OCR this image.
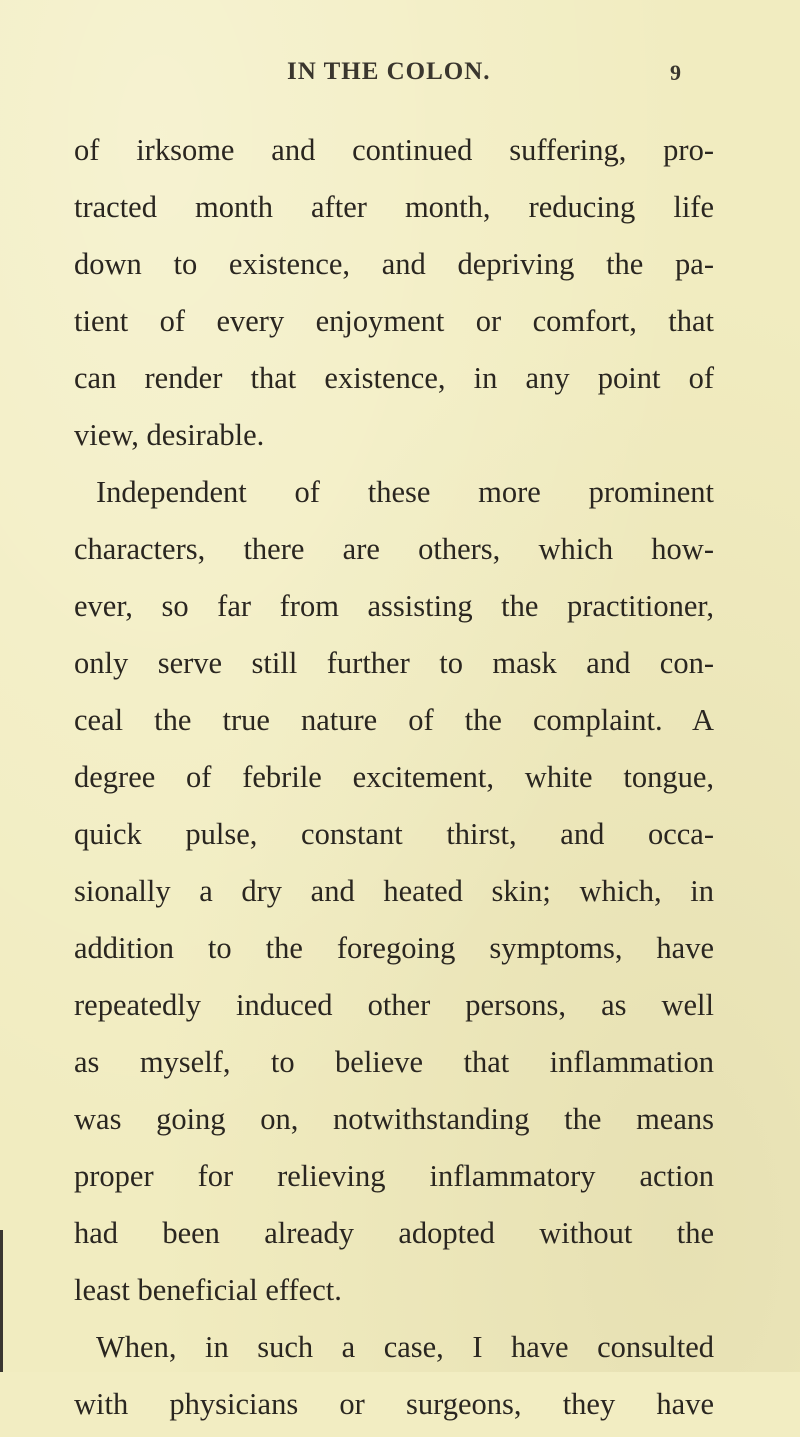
IN THE COLON.	9
of irksome and continued suffering, pro-
tracted month after month, reducing life
down to existence, and depriving the pa-
tient of every enjoyment or comfort, that
can render that existence, in any point of
view, desirable.
Independent of these more prominent
characters, there are others, which how-
ever, so far from assisting the practitioner,
only serve still further to mask and con-
ceal the true nature of the complaint. A
degree of febrile excitement, white tongue,
quick pulse, constant thirst, and occa-
sionally a dry and heated skin; which, in
addition to the foregoing symptoms, have
repeatedly induced other persons, as well
as myself, to believe that inflammation
was going on, notwithstanding the means
proper for relieving inflammatory action
had been already adopted without the
least beneficial effect.
When, in such a case, I have consulted
with physicians or surgeons, they have
